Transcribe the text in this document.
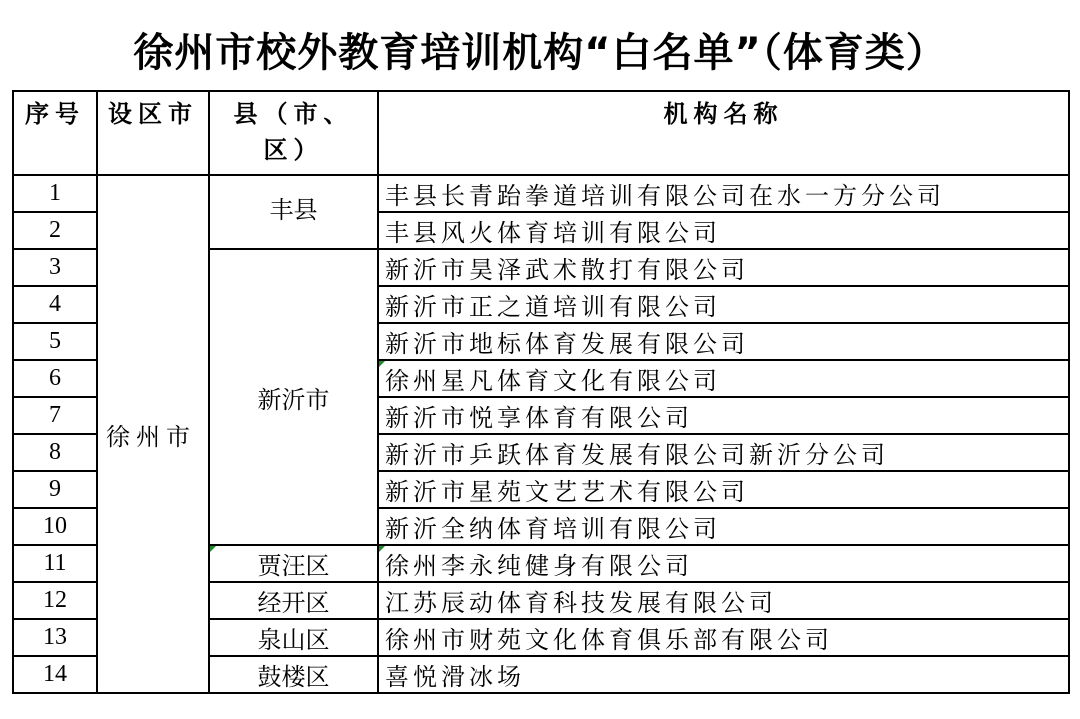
徐州市校外教育培训机构“白名单”（体育类）
序号	设区市	县（市、区）	机构名称
1	徐州市	丰县	丰县长青跆拳道培训有限公司在水一方分公司
2			丰县风火体育培训有限公司
3		新沂市	新沂市昊泽武术散打有限公司
4			新沂市正之道培训有限公司
5			新沂市地标体育发展有限公司
6			徐州星凡体育文化有限公司
7			新沂市悦享体育有限公司
8			新沂市乒跃体育发展有限公司新沂分公司
9			新沂市星苑文艺艺术有限公司
10			新沂全纳体育培训有限公司
11		贾汪区	徐州李永纯健身有限公司
12		经开区	江苏辰动体育科技发展有限公司
13		泉山区	徐州市财苑文化体育俱乐部有限公司
14		鼓楼区	喜悦滑冰场
